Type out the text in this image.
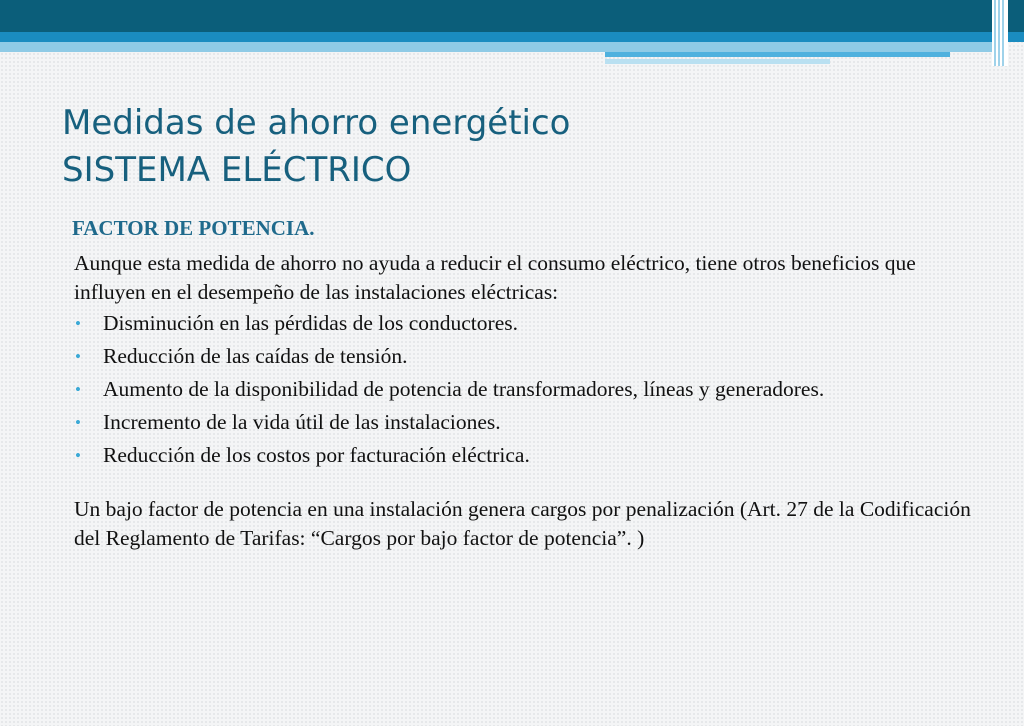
Medidas de ahorro energético
SISTEMA ELÉCTRICO
FACTOR DE POTENCIA.

Aunque esta medida de ahorro no ayuda a reducir el consumo eléctrico, tiene otros beneficios que influyen en el desempeño de las instalaciones eléctricas:

• Disminución en las pérdidas de los conductores.
• Reducción de las caídas de tensión.
• Aumento de la disponibilidad de potencia de transformadores, líneas y generadores.
• Incremento de la vida útil de las instalaciones.
• Reducción de los costos por facturación eléctrica.

Un bajo factor de potencia en una instalación genera cargos por penalización (Art. 27 de la Codificación del Reglamento de Tarifas: “Cargos por bajo factor de potencia”. )
